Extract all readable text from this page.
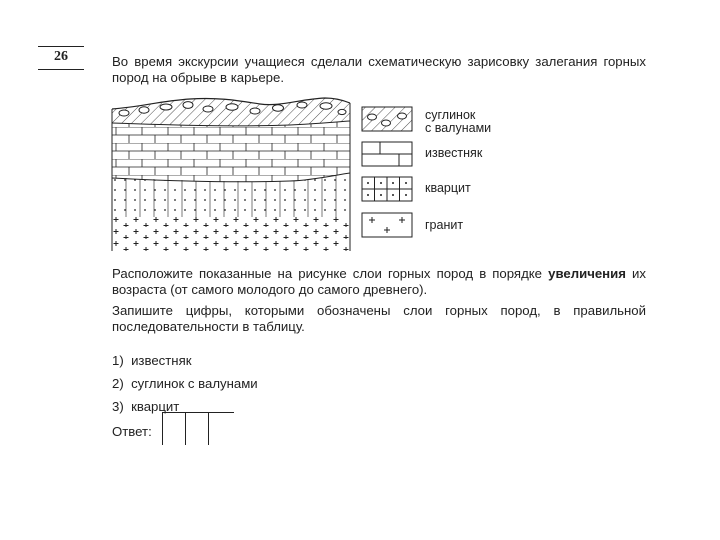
26	Во время экскурсии учащиеся сделали схематическую зарисовку залегания горных пород на обрыве в карьере.
суглинок
с валунами
известняк
кварцит
гранит
Расположите показанные на рисунке слои горных пород в порядке увеличения их возраста (от самого молодого до самого древнего).
Запишите цифры, которыми обозначены слои горных пород, в правильной последовательности в таблицу.
1) известняк
2) суглинок с валунами
3) кварцит
Ответ:
